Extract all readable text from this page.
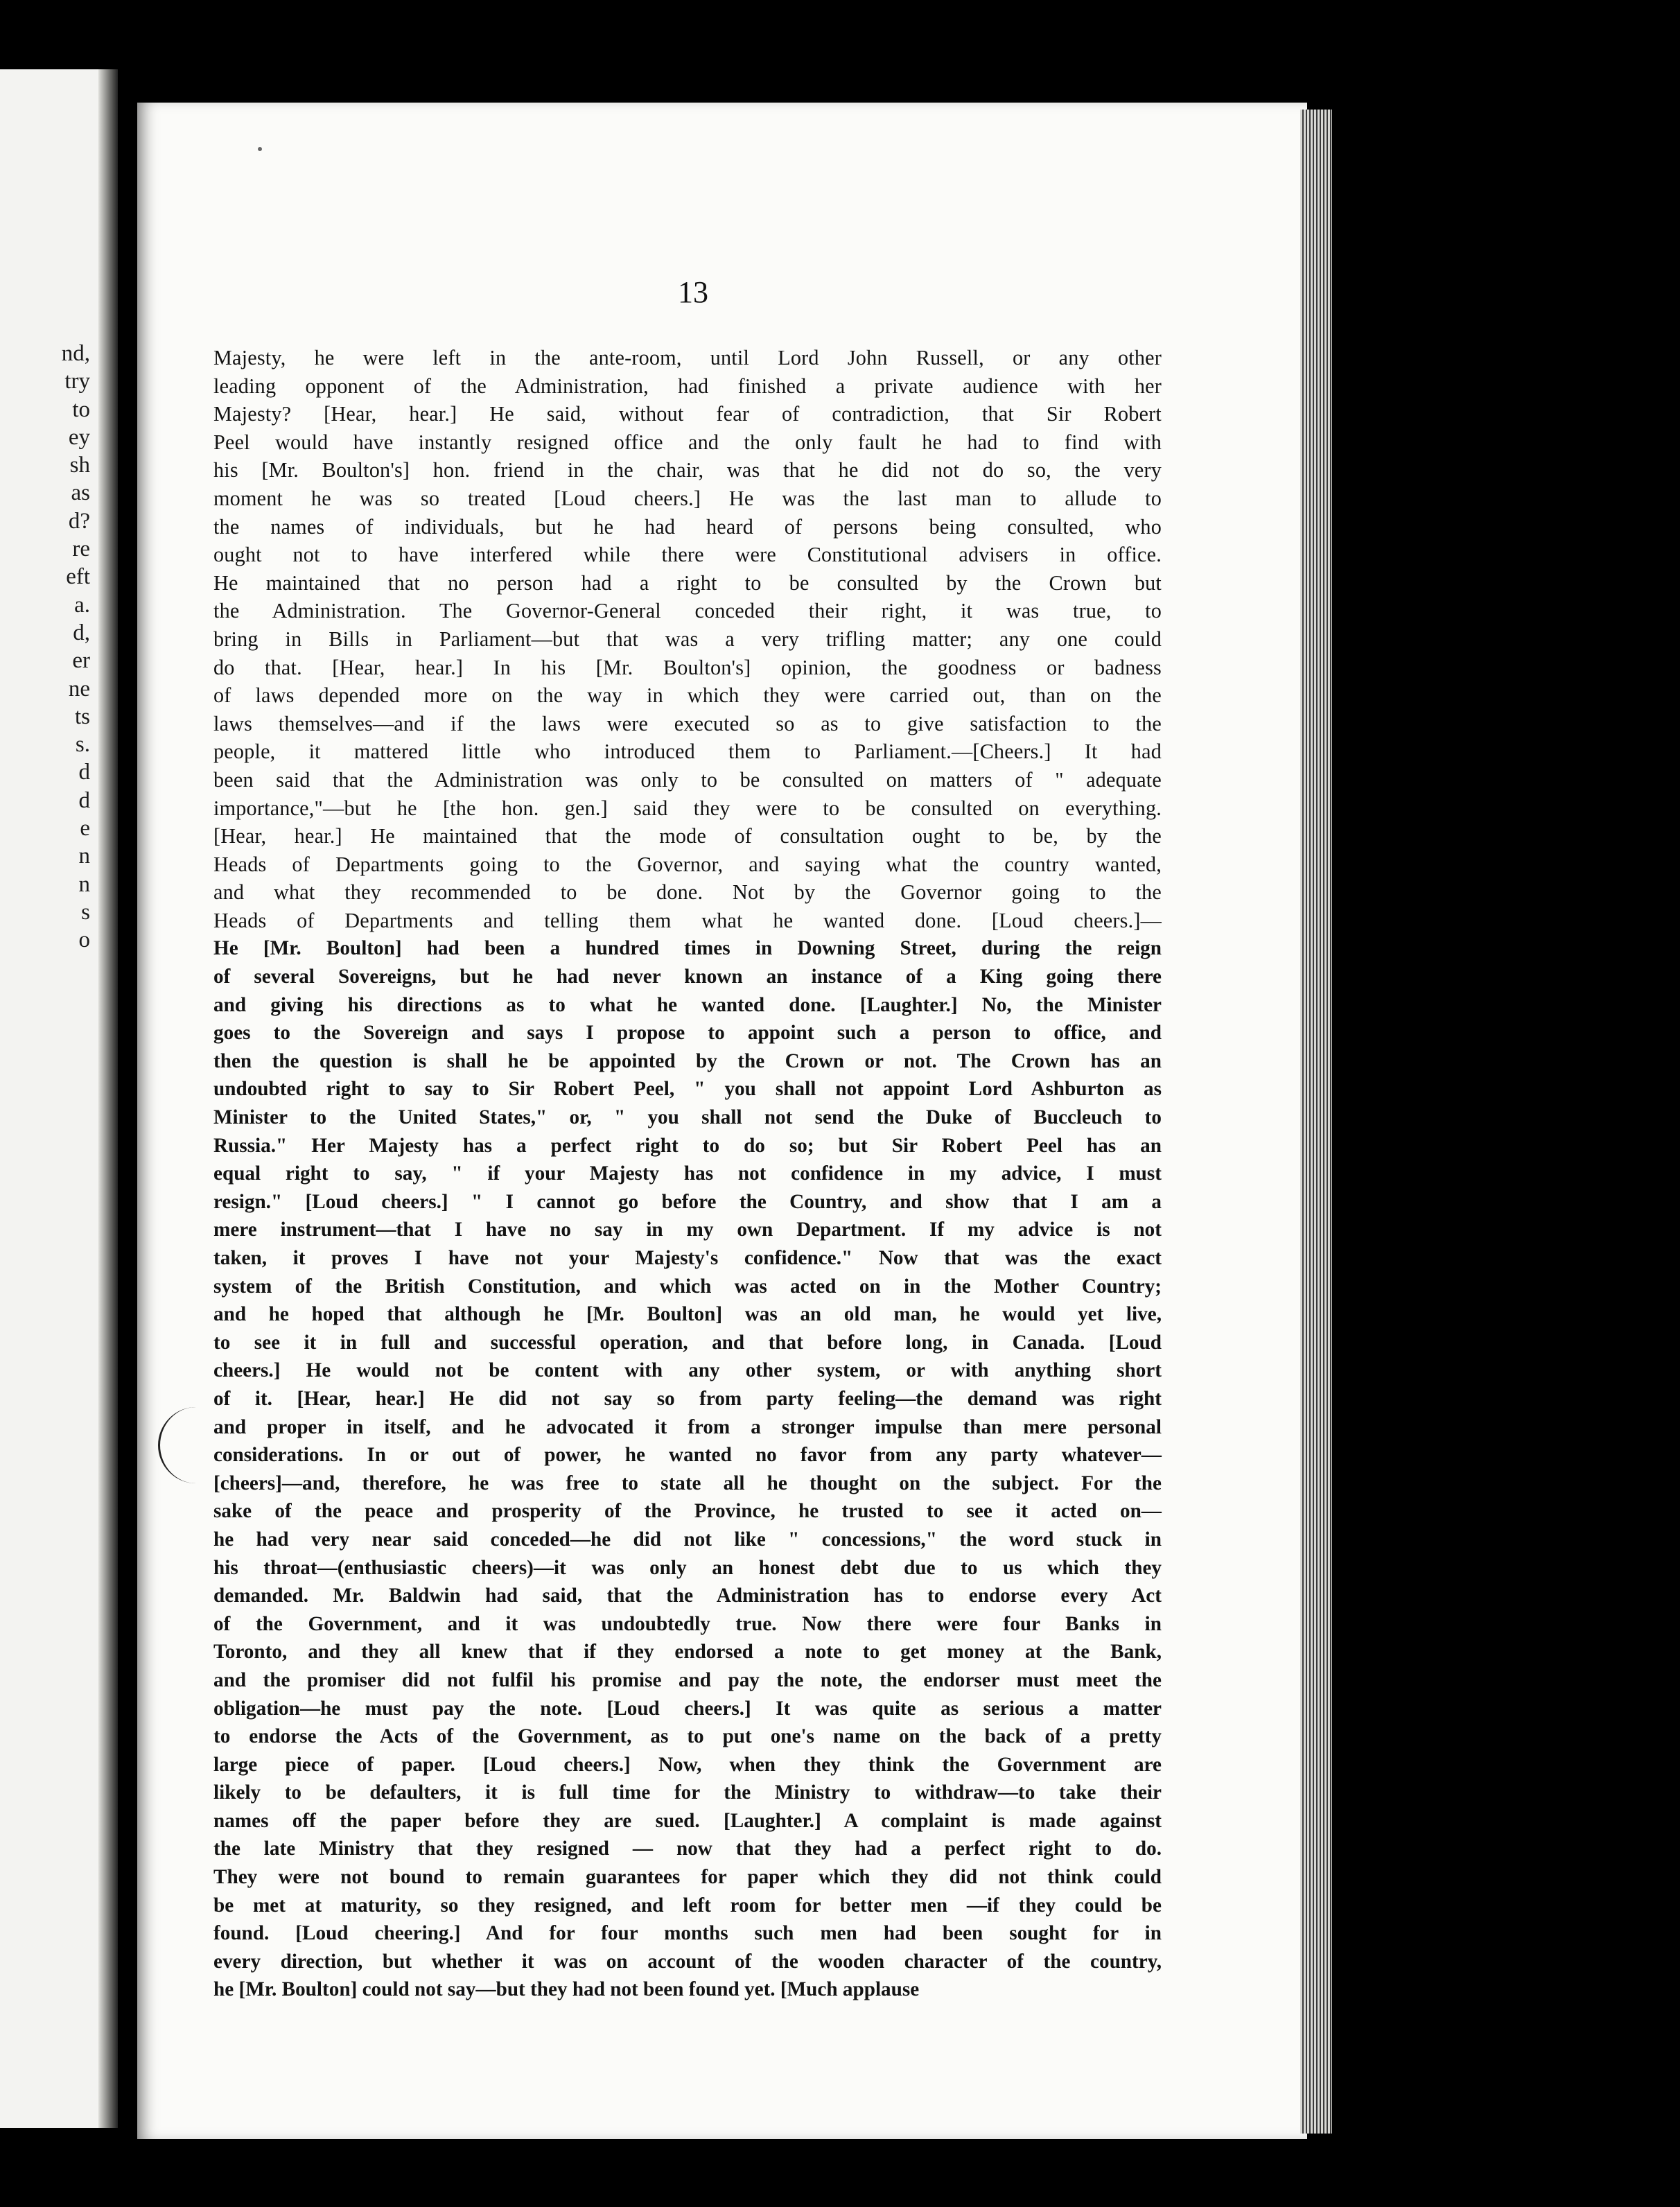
nd,
try
to
ey
sh
as
d?
re
eft
a.
d,
er
ne
ts
s.
d
d
e
n
n
s
o
13
Majesty, he were left in the ante-room, until Lord John Russell, or any other
leading opponent of the Administration, had finished a private audience with her
Majesty? [Hear, hear.] He said, without fear of contradiction, that Sir Robert
Peel would have instantly resigned office and the only fault he had to find with
his [Mr. Boulton's] hon. friend in the chair, was that he did not do so, the very
moment he was so treated [Loud cheers.] He was the last man to allude to
the names of individuals, but he had heard of persons being consulted, who
ought not to have interfered while there were Constitutional advisers in office.
He maintained that no person had a right to be consulted by the Crown but
the Administration. The Governor-General conceded their right, it was true, to
bring in Bills in Parliament—but that was a very trifling matter; any one could
do that. [Hear, hear.] In his [Mr. Boulton's] opinion, the goodness or badness
of laws depended more on the way in which they were carried out, than on the
laws themselves—and if the laws were executed so as to give satisfaction to the
people, it mattered little who introduced them to Parliament.—[Cheers.] It had
been said that the Administration was only to be consulted on matters of " adequate
importance,"—but he [the hon. gen.] said they were to be consulted on everything.
[Hear, hear.] He maintained that the mode of consultation ought to be, by the
Heads of Departments going to the Governor, and saying what the country wanted,
and what they recommended to be done. Not by the Governor going to the
Heads of Departments and telling them what he wanted done. [Loud cheers.]—
He [Mr. Boulton] had been a hundred times in Downing Street, during the reign
of several Sovereigns, but he had never known an instance of a King going there
and giving his directions as to what he wanted done. [Laughter.] No, the Minister
goes to the Sovereign and says I propose to appoint such a person to office, and
then the question is shall he be appointed by the Crown or not. The Crown has an
undoubted right to say to Sir Robert Peel, " you shall not appoint Lord Ashburton as
Minister to the United States," or, " you shall not send the Duke of Buccleuch to
Russia." Her Majesty has a perfect right to do so; but Sir Robert Peel has an
equal right to say, " if your Majesty has not confidence in my advice, I must
resign." [Loud cheers.] " I cannot go before the Country, and show that I am a
mere instrument—that I have no say in my own Department. If my advice is not
taken, it proves I have not your Majesty's confidence." Now that was the exact
system of the British Constitution, and which was acted on in the Mother Country;
and he hoped that although he [Mr. Boulton] was an old man, he would yet live,
to see it in full and successful operation, and that before long, in Canada. [Loud
cheers.] He would not be content with any other system, or with anything short
of it. [Hear, hear.] He did not say so from party feeling—the demand was right
and proper in itself, and he advocated it from a stronger impulse than mere personal
considerations. In or out of power, he wanted no favor from any party whatever—
[cheers]—and, therefore, he was free to state all he thought on the subject. For the
sake of the peace and prosperity of the Province, he trusted to see it acted on—
he had very near said conceded—he did not like " concessions," the word stuck in
his throat—(enthusiastic cheers)—it was only an honest debt due to us which they
demanded. Mr. Baldwin had said, that the Administration has to endorse every Act
of the Government, and it was undoubtedly true. Now there were four Banks in
Toronto, and they all knew that if they endorsed a note to get money at the Bank,
and the promiser did not fulfil his promise and pay the note, the endorser must meet the
obligation—he must pay the note. [Loud cheers.] It was quite as serious a matter
to endorse the Acts of the Government, as to put one's name on the back of a pretty
large piece of paper. [Loud cheers.] Now, when they think the Government are
likely to be defaulters, it is full time for the Ministry to withdraw—to take their
names off the paper before they are sued. [Laughter.] A complaint is made against
the late Ministry that they resigned — now that they had a perfect right to do.
They were not bound to remain guarantees for paper which they did not think could
be met at maturity, so they resigned, and left room for better men —if they could be
found. [Loud cheering.] And for four months such men had been sought for in
every direction, but whether it was on account of the wooden character of the country,
he [Mr. Boulton] could not say—but they had not been found yet. [Much applause
